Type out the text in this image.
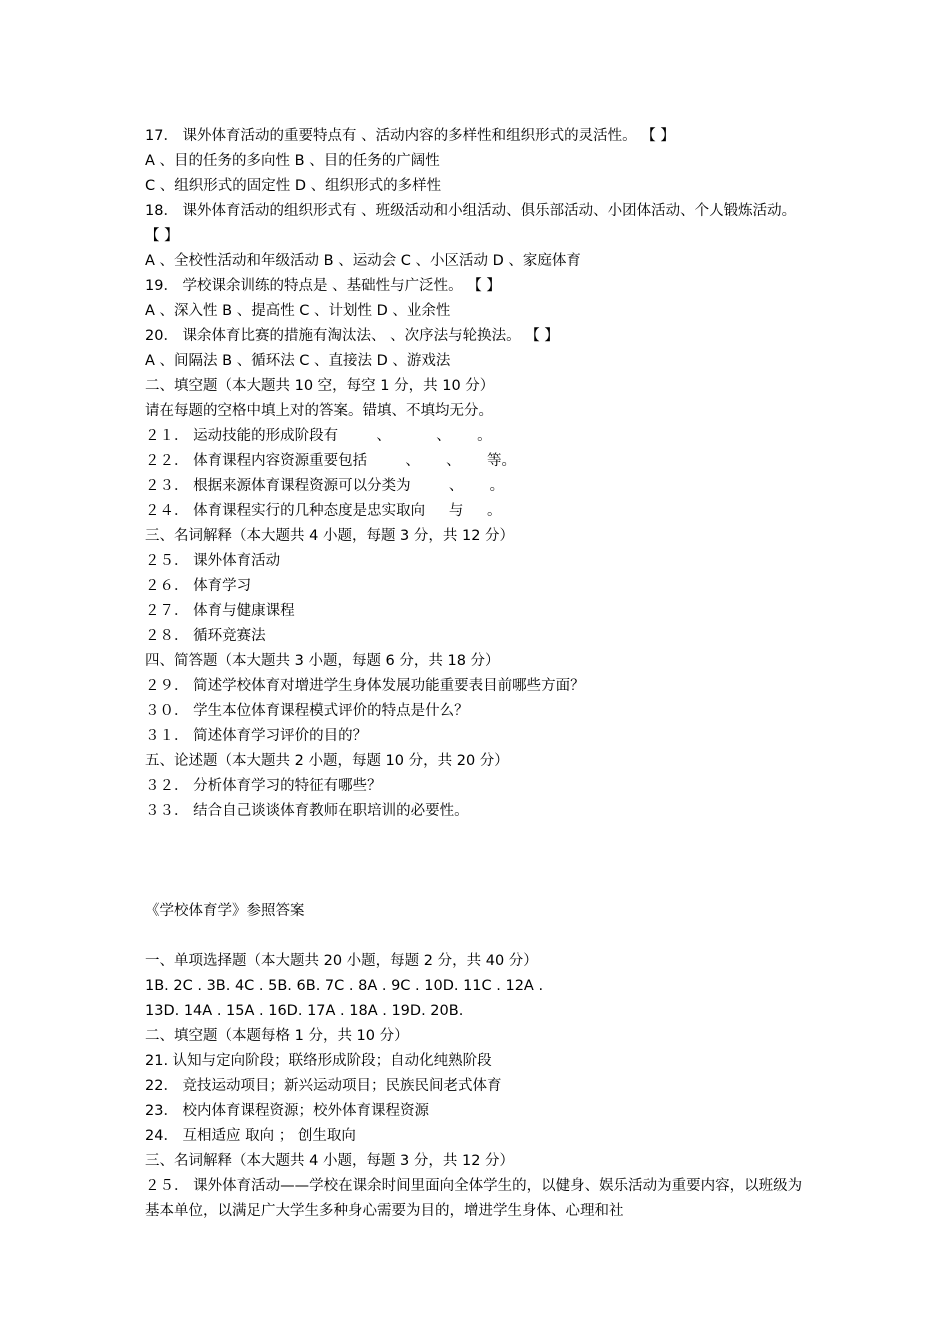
17． 课外体育活动的重要特点有 、活动内容的多样性和组织形式的灵活性。 【 】
A 、目的任务的多向性 B 、目的任务的广阔性
C 、组织形式的固定性 D 、组织形式的多样性
18． 课外体育活动的组织形式有 、班级活动和小组活动、俱乐部活动、小团体活动、个人锻炼活动。 【 】
A 、全校性活动和年级活动 B 、运动会 C 、小区活动 D 、家庭体育
19． 学校课余训练的特点是 、基础性与广泛性。 【 】
A 、深入性 B 、提高性 C 、计划性 D 、业余性
20． 课余体育比赛的措施有淘汰法、 、次序法与轮换法。 【 】
A 、间隔法 B 、循环法 C 、直接法 D 、游戏法
二、填空题（本大题共 10 空，每空 1 分，共 10 分）
请在每题的空格中填上对的答案。错填、不填均无分。
２１． 运动技能的形成阶段有 　 　、　 　 　、　 　。
２２． 体育课程内容资源重要包括 　 　、　 　、　 　等。
２３． 根据来源体育课程资源可以分类为 　 　、　 　。
２４． 体育课程实行的几种态度是忠实取向 　 与 　 。
三、名词解释（本大题共 4 小题，每题 3 分，共 12 分）
２５． 课外体育活动
２６． 体育学习
２７． 体育与健康课程
２８． 循环竞赛法
四、简答题（本大题共 3 小题，每题 6 分，共 18 分）
２９． 简述学校体育对增进学生身体发展功能重要表目前哪些方面？
３０． 学生本位体育课程模式评价的特点是什么？
３１． 简述体育学习评价的目的？
五、论述题（本大题共 2 小题，每题 10 分，共 20 分）
３２． 分析体育学习的特征有哪些？
３３． 结合自己谈谈体育教师在职培训的必要性。
《学校体育学》参照答案
一、单项选择题（本大题共 20 小题，每题 2 分，共 40 分）
1B. 2C . 3B. 4C . 5B. 6B. 7C . 8A . 9C . 10D. 11C . 12A .
13D. 14A . 15A . 16D. 17A . 18A . 19D. 20B.
二、填空题（本题每格 1 分，共 10 分）
21. 认知与定向阶段；联络形成阶段；自动化纯熟阶段
22． 竞技运动项目；新兴运动项目；民族民间老式体育
23． 校内体育课程资源；校外体育课程资源
24． 互相适应 取向 ； 创生取向
三、名词解释（本大题共 4 小题，每题 3 分，共 12 分）
２５． 课外体育活动——学校在课余时间里面向全体学生的，以健身、娱乐活动为重要内容，以班级为基本单位，以满足广大学生多种身心需要为目的，增进学生身体、心理和社
